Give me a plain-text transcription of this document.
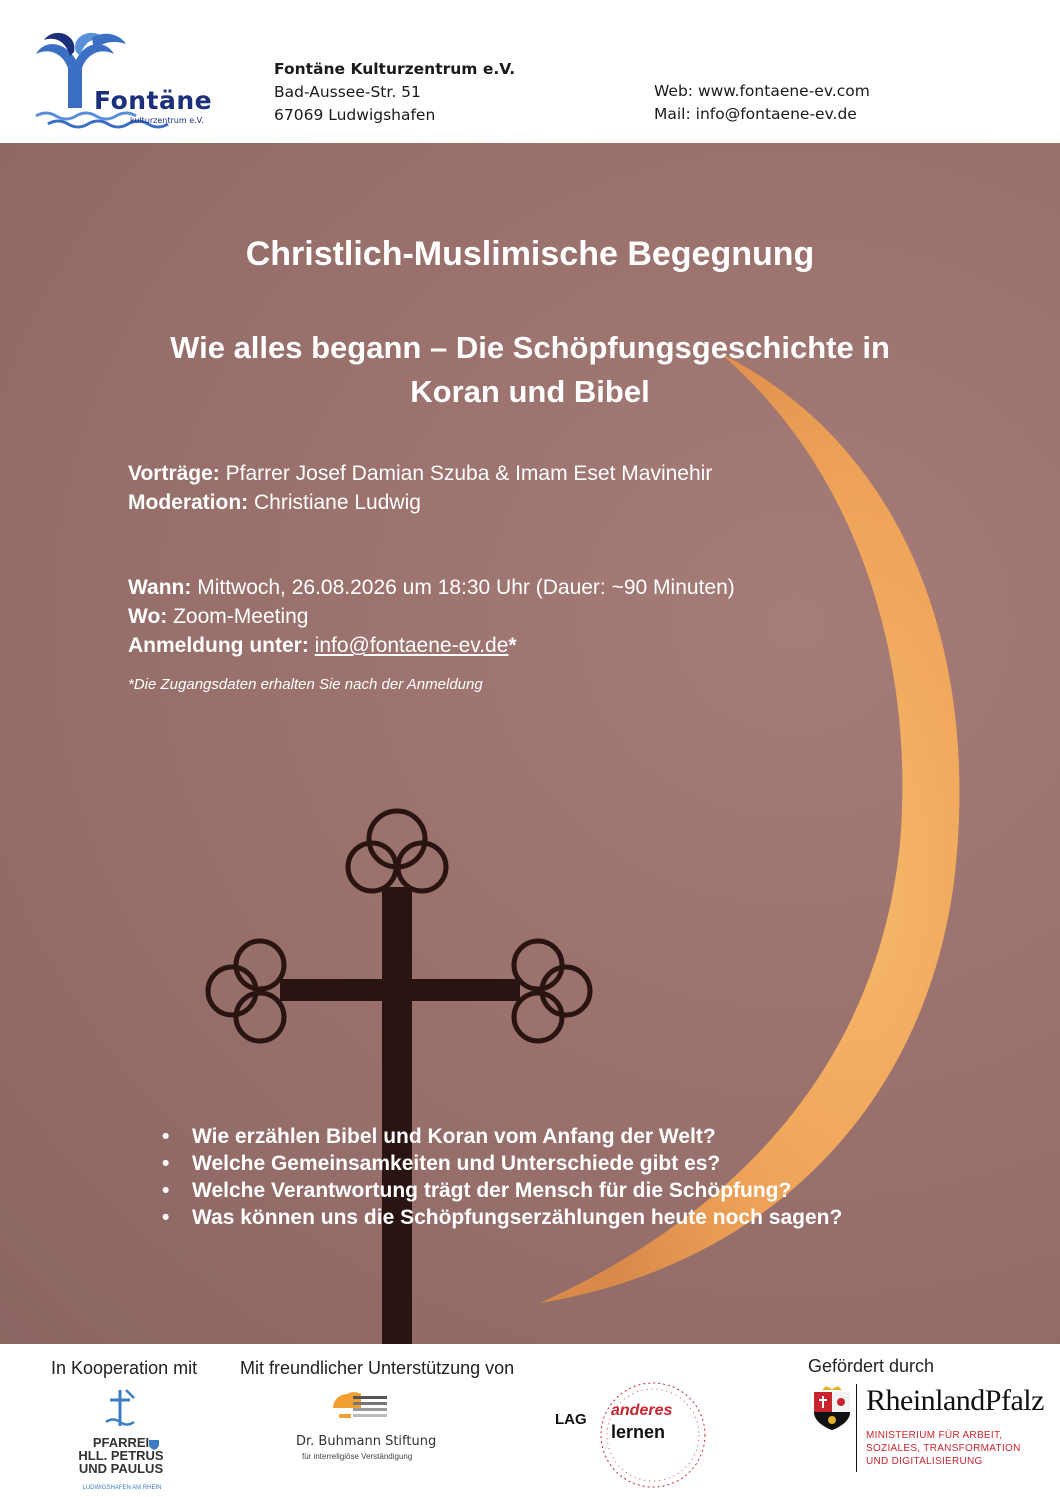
Fontäne
kulturzentrum e.V.
Fontäne Kulturzentrum e.V.
Bad-Aussee-Str. 51
67069 Ludwigshafen
Web: www.fontaene-ev.com
Mail: info@fontaene-ev.de
Christlich-Muslimische Begegnung
Wie alles begann – Die Schöpfungsgeschichte in
Koran und Bibel
Vorträge: Pfarrer Josef Damian Szuba & Imam Eset Mavinehir
Moderation: Christiane Ludwig
Wann: Mittwoch, 26.08.2026 um 18:30 Uhr (Dauer: ~90 Minuten)
Wo: Zoom-Meeting
Anmeldung unter: info@fontaene-ev.de*
*Die Zugangsdaten erhalten Sie nach der Anmeldung
• Wie erzählen Bibel und Koran vom Anfang der Welt?
• Welche Gemeinsamkeiten und Unterschiede gibt es?
• Welche Verantwortung trägt der Mensch für die Schöpfung?
• Was können uns die Schöpfungserzählungen heute noch sagen?
In Kooperation mit Mit freundlicher Unterstützung von	Gefördert durch
PFARREI
HLL. PETRUS
UND PAULUS
LUDWIGSHAFEN AM RHEIN
Dr. Buhmann Stiftung
für interreligiöse Verständigung
LAG
anderes
lernen
RheinlandPfalz
MINISTERIUM FÜR ARBEIT,
SOZIALES, TRANSFORMATION
UND DIGITALISIERUNG
